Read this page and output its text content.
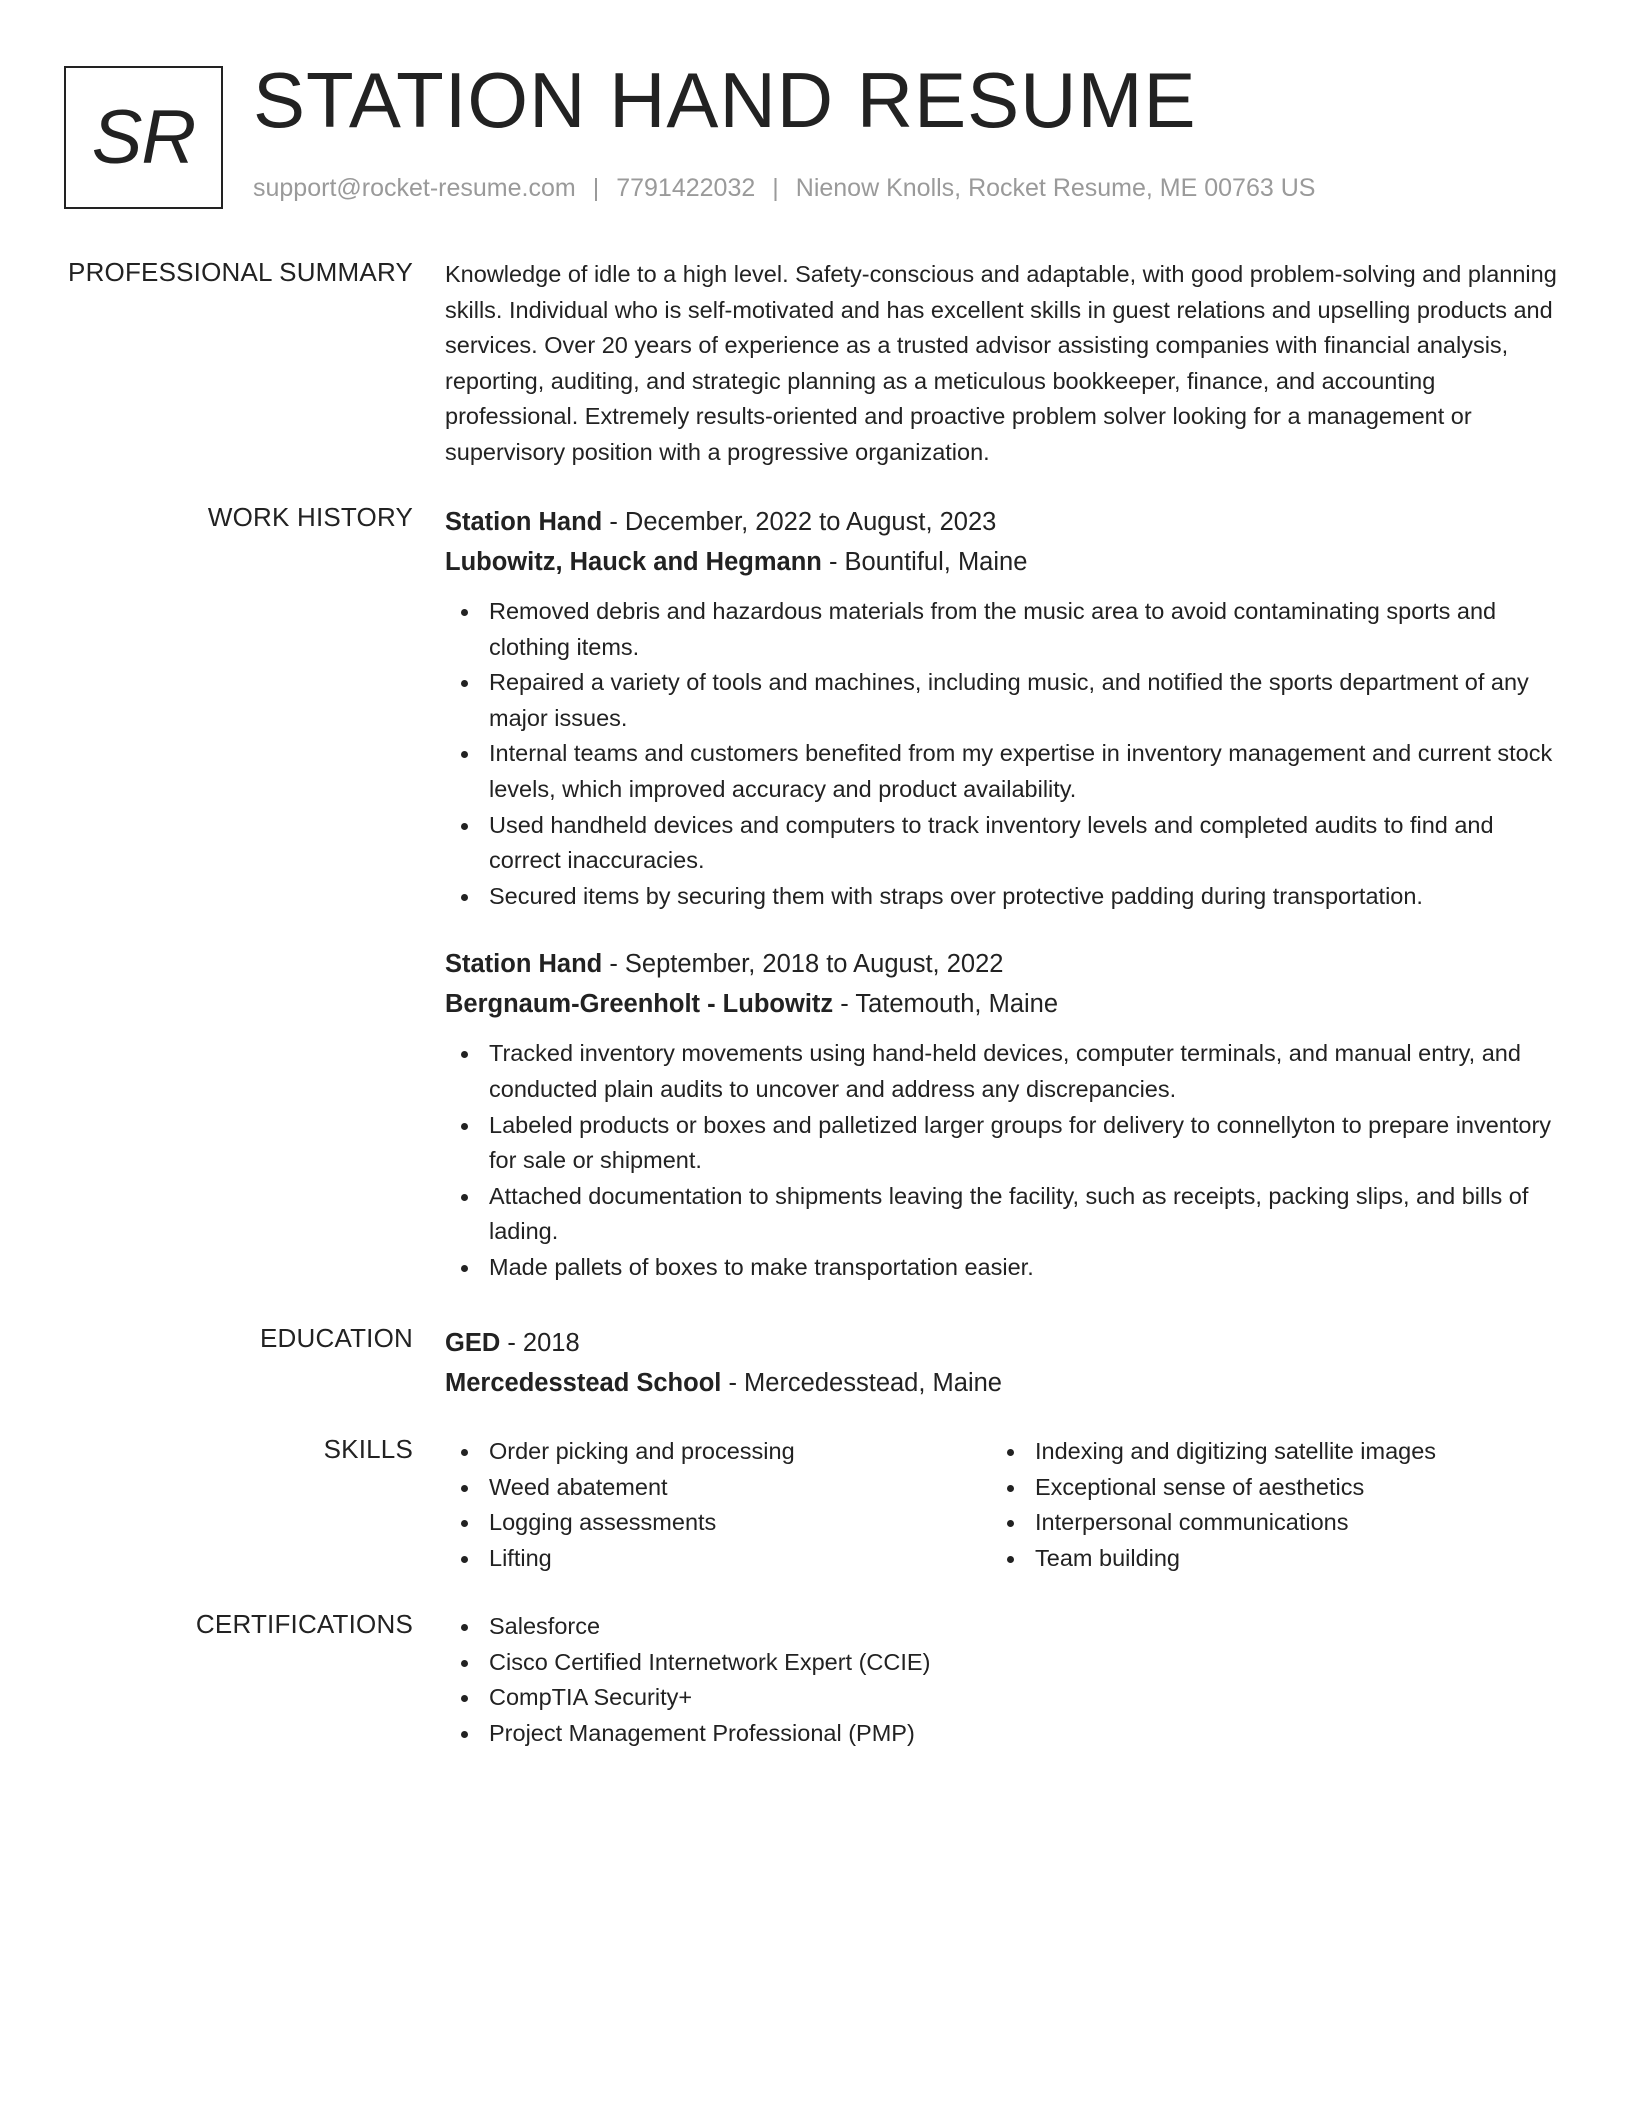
SR STATION HAND RESUME
support@rocket-resume.com | 7791422032 | Nienow Knolls, Rocket Resume, ME 00763 US
PROFESSIONAL SUMMARY Knowledge of idle to a high level. Safety-conscious and adaptable, with good problem-solving and planning skills. Individual who is self-motivated and has excellent skills in guest relations and upselling products and services. Over 20 years of experience as a trusted advisor assisting companies with financial analysis, reporting, auditing, and strategic planning as a meticulous bookkeeper, finance, and accounting professional. Extremely results-oriented and proactive problem solver looking for a management or supervisory position with a progressive organization.

WORK HISTORY Station Hand - December, 2022 to August, 2023
Lubowitz, Hauck and Hegmann - Bountiful, Maine
Removed debris and hazardous materials from the music area to avoid contaminating sports and clothing items.
Repaired a variety of tools and machines, including music, and notified the sports department of any major issues.
Internal teams and customers benefited from my expertise in inventory management and current stock levels, which improved accuracy and product availability.
Used handheld devices and computers to track inventory levels and completed audits to find and correct inaccuracies.
Secured items by securing them with straps over protective padding during transportation.
Station Hand - September, 2018 to August, 2022
Bergnaum-Greenholt - Lubowitz - Tatemouth, Maine
Tracked inventory movements using hand-held devices, computer terminals, and manual entry, and conducted plain audits to uncover and address any discrepancies.
Labeled products or boxes and palletized larger groups for delivery to connellyton to prepare inventory for sale or shipment.
Attached documentation to shipments leaving the facility, such as receipts, packing slips, and bills of lading.
Made pallets of boxes to make transportation easier.
EDUCATION GED - 2018
Mercedesstead School - Mercedesstead, Maine
SKILLS	Order picking and processing
Weed abatement
Logging assessments
Lifting
Indexing and digitizing satellite images
Exceptional sense of aesthetics
Interpersonal communications
Team building
CERTIFICATIONS	Salesforce
Cisco Certified Internetwork Expert (CCIE)
CompTIA Security+
Project Management Professional (PMP)
